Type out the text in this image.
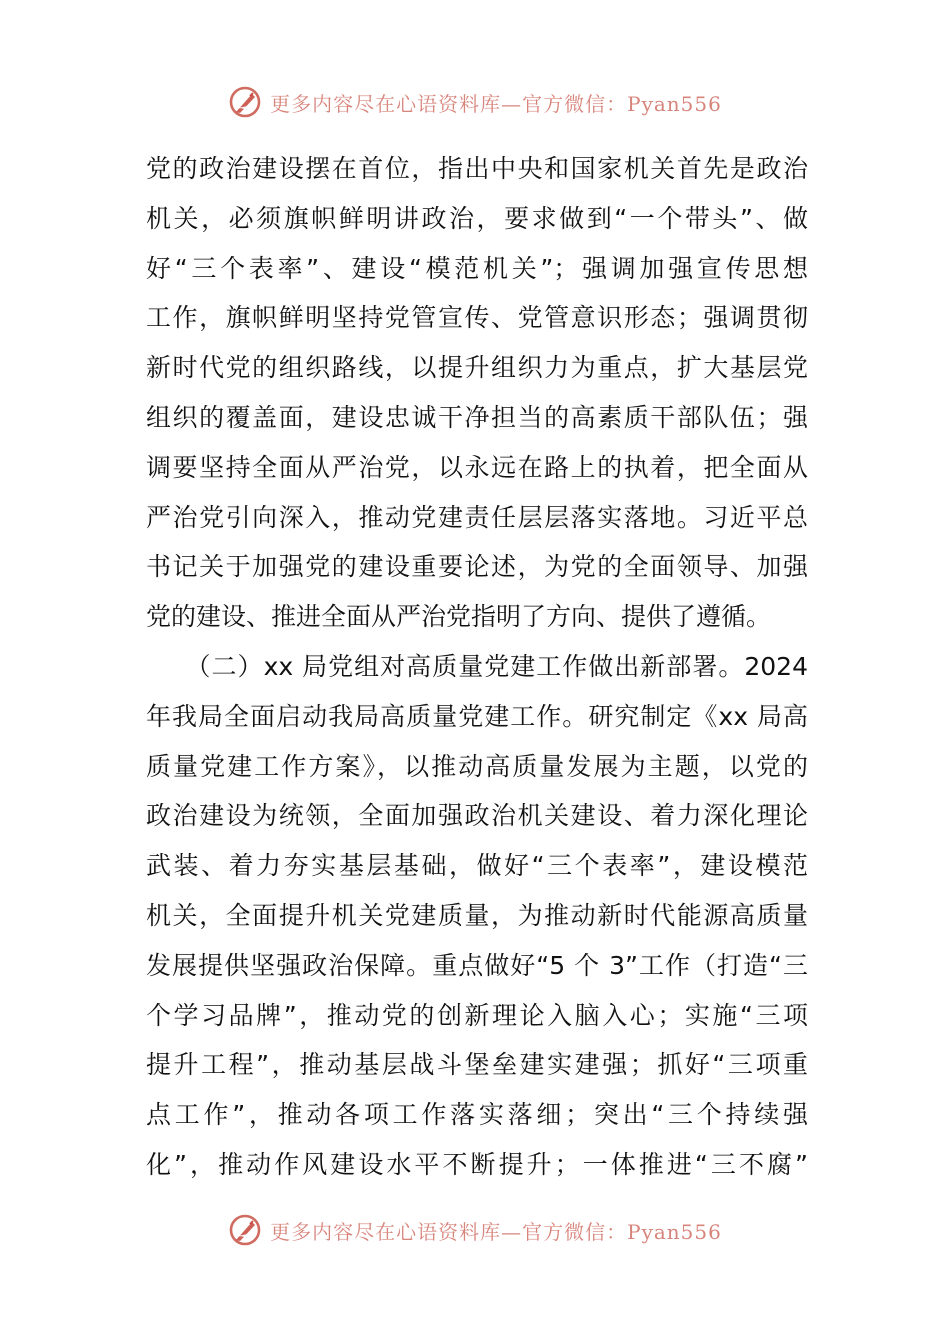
更多内容尽在心语资料库—官方微信：Pyan556
党的政治建设摆在首位，指出中央和国家机关首先是政治
机关，必须旗帜鲜明讲政治，要求做到“一个带头”、做
好“三个表率”、建设“模范机关”；强调加强宣传思想
工作，旗帜鲜明坚持党管宣传、党管意识形态；强调贯彻
新时代党的组织路线，以提升组织力为重点，扩大基层党
组织的覆盖面，建设忠诚干净担当的高素质干部队伍；强
调要坚持全面从严治党，以永远在路上的执着，把全面从
严治党引向深入，推动党建责任层层落实落地。习近平总
书记关于加强党的建设重要论述，为党的全面领导、加强
党的建设、推进全面从严治党指明了方向、提供了遵循。
　　（二）xx 局党组对高质量党建工作做出新部署。2024
年我局全面启动我局高质量党建工作。研究制定《xx 局高
质量党建工作方案》，以推动高质量发展为主题，以党的
政治建设为统领，全面加强政治机关建设、着力深化理论
武装、着力夯实基层基础，做好“三个表率”，建设模范
机关，全面提升机关党建质量，为推动新时代能源高质量
发展提供坚强政治保障。重点做好“5 个 3”工作（打造“三
个学习品牌”，推动党的创新理论入脑入心；实施“三项
提升工程”，推动基层战斗堡垒建实建强；抓好“三项重
点工作”，推动各项工作落实落细；突出“三个持续强
化”，推动作风建设水平不断提升；一体推进“三不腐”
更多内容尽在心语资料库—官方微信：Pyan556
